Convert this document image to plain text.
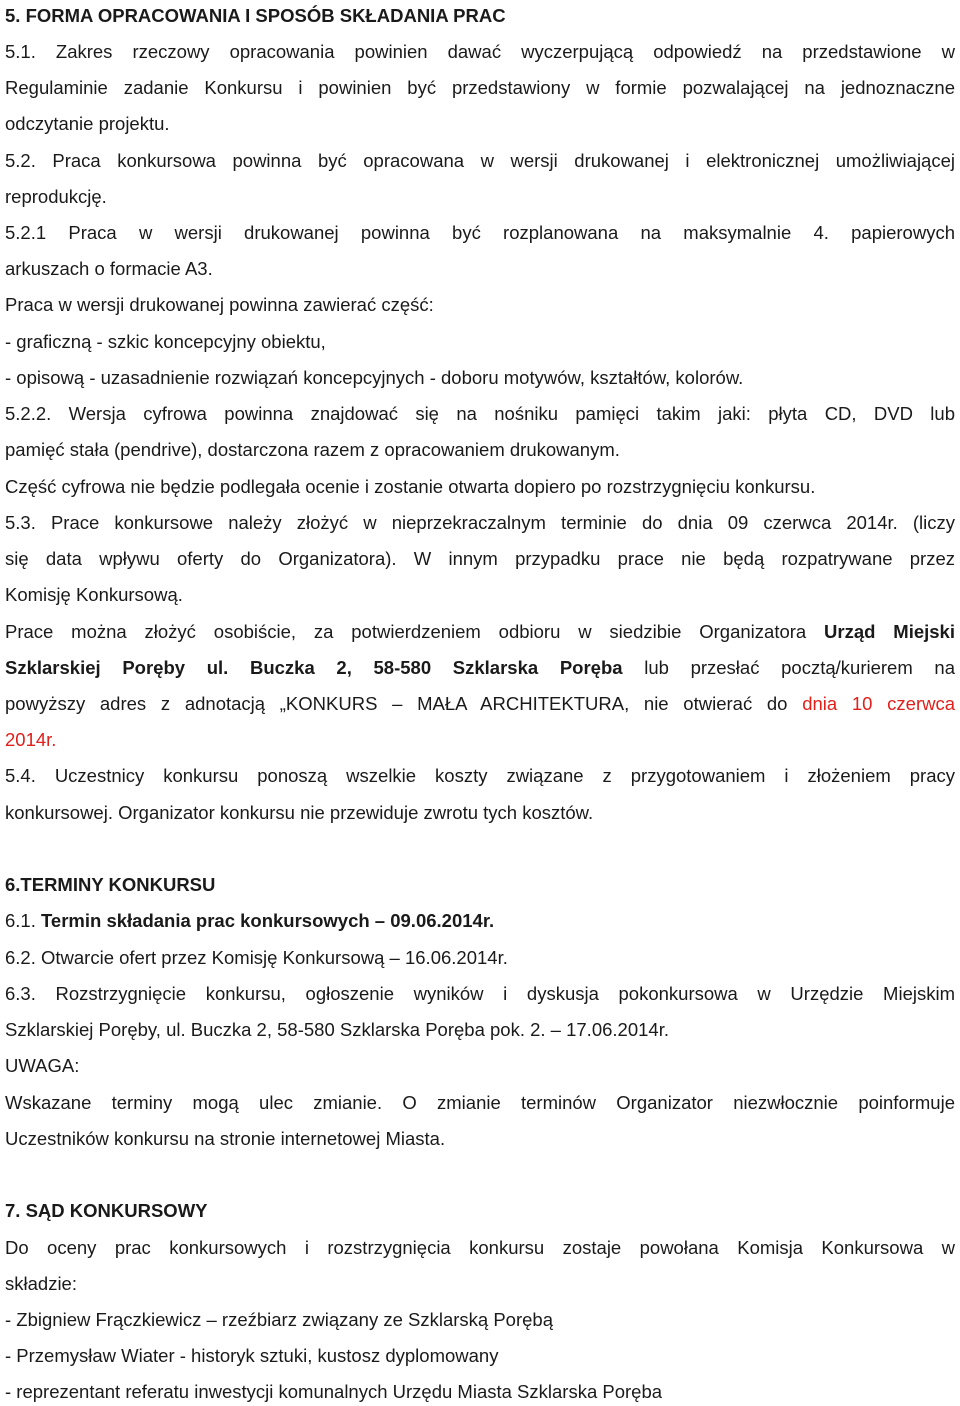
5. FORMA OPRACOWANIA I SPOSÓB SKŁADANIA PRAC
5.1. Zakres rzeczowy opracowania powinien dawać wyczerpującą odpowiedź na przedstawione w
Regulaminie zadanie Konkursu i powinien być przedstawiony w formie pozwalającej na jednoznaczne
odczytanie projektu.
5.2. Praca konkursowa powinna być opracowana w wersji drukowanej i elektronicznej umożliwiającej
reprodukcję.
5.2.1 Praca w wersji drukowanej powinna być rozplanowana na maksymalnie 4. papierowych
arkuszach o formacie A3.
Praca w wersji drukowanej powinna zawierać część:
- graficzną - szkic koncepcyjny obiektu,
- opisową - uzasadnienie rozwiązań koncepcyjnych - doboru motywów, kształtów, kolorów.
5.2.2. Wersja cyfrowa powinna znajdować się na nośniku pamięci takim jaki: płyta CD, DVD lub
pamięć stała (pendrive), dostarczona razem z opracowaniem drukowanym.
Część cyfrowa nie będzie podlegała ocenie i zostanie otwarta dopiero po rozstrzygnięciu konkursu.
5.3. Prace konkursowe należy złożyć w nieprzekraczalnym terminie do dnia 09 czerwca 2014r. (liczy
się data wpływu oferty do Organizatora). W innym przypadku prace nie będą rozpatrywane przez
Komisję Konkursową.
Prace można złożyć osobiście, za potwierdzeniem odbioru w siedzibie Organizatora Urząd Miejski
Szklarskiej Poręby ul. Buczka 2, 58-580 Szklarska Poręba lub przesłać pocztą/kurierem na
powyższy adres z adnotacją „KONKURS – MAŁA ARCHITEKTURA, nie otwierać do dnia 10 czerwca
2014r.
5.4. Uczestnicy konkursu ponoszą wszelkie koszty związane z przygotowaniem i złożeniem pracy
konkursowej. Organizator konkursu nie przewiduje zwrotu tych kosztów.
6.TERMINY KONKURSU
6.1. Termin składania prac konkursowych – 09.06.2014r.
6.2. Otwarcie ofert przez Komisję Konkursową – 16.06.2014r.
6.3. Rozstrzygnięcie konkursu, ogłoszenie wyników i dyskusja pokonkursowa w Urzędzie Miejskim
Szklarskiej Poręby, ul. Buczka 2, 58-580 Szklarska Poręba pok. 2. – 17.06.2014r.
UWAGA:
Wskazane terminy mogą ulec zmianie. O zmianie terminów Organizator niezwłocznie poinformuje
Uczestników konkursu na stronie internetowej Miasta.
7. SĄD KONKURSOWY
Do oceny prac konkursowych i rozstrzygnięcia konkursu zostaje powołana Komisja Konkursowa w
składzie:
- Zbigniew Frączkiewicz – rzeźbiarz związany ze Szklarską Porębą
- Przemysław Wiater - historyk sztuki, kustosz dyplomowany
- reprezentant referatu inwestycji komunalnych Urzędu Miasta Szklarska Poręba
